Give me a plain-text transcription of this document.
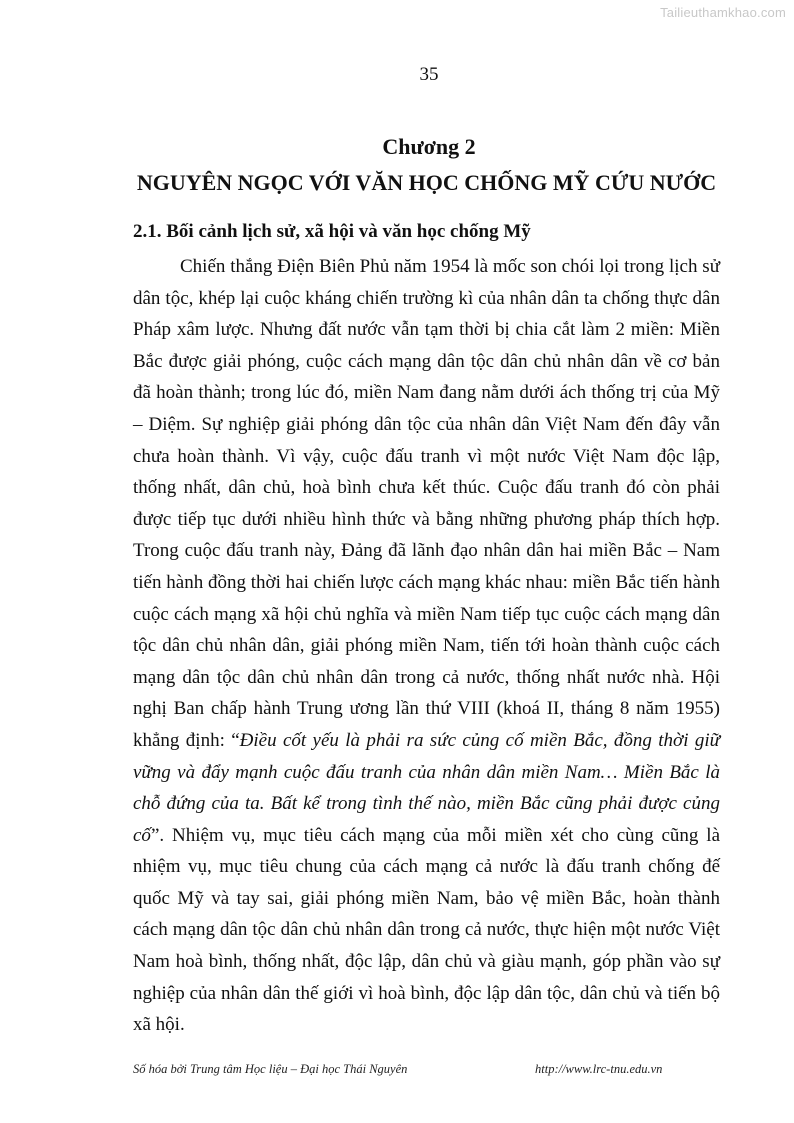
Tailieuthamkhao.com
35
Chương 2
NGUYÊN NGỌC VỚI VĂN HỌC CHỐNG MỸ CỨU NƯỚC
2.1. Bối cảnh lịch sử, xã hội và văn học chống Mỹ

Chiến thắng Điện Biên Phủ năm 1954 là mốc son chói lọi trong lịch sử dân tộc, khép lại cuộc kháng chiến trường kì của nhân dân ta chống thực dân Pháp xâm lược. Nhưng đất nước vẫn tạm thời bị chia cắt làm 2 miền: Miền Bắc được giải phóng, cuộc cách mạng dân tộc dân chủ nhân dân về cơ bản đã hoàn thành; trong lúc đó, miền Nam đang nằm dưới ách thống trị của Mỹ – Diệm. Sự nghiệp giải phóng dân tộc của nhân dân Việt Nam đến đây vẫn chưa hoàn thành. Vì vậy, cuộc đấu tranh vì một nước Việt Nam độc lập, thống nhất, dân chủ, hoà bình chưa kết thúc. Cuộc đấu tranh đó còn phải được tiếp tục dưới nhiều hình thức và bằng những phương pháp thích hợp. Trong cuộc đấu tranh này, Đảng đã lãnh đạo nhân dân hai miền Bắc – Nam tiến hành đồng thời hai chiến lược cách mạng khác nhau: miền Bắc tiến hành cuộc cách mạng xã hội chủ nghĩa và miền Nam tiếp tục cuộc cách mạng dân tộc dân chủ nhân dân, giải phóng miền Nam, tiến tới hoàn thành cuộc cách mạng dân tộc dân chủ nhân dân trong cả nước, thống nhất nước nhà. Hội nghị Ban chấp hành Trung ương lần thứ VIII (khoá II, tháng 8 năm 1955) khẳng định: “Điều cốt yếu là phải ra sức củng cố miền Bắc, đồng thời giữ vững và đẩy mạnh cuộc đấu tranh của nhân dân miền Nam… Miền Bắc là chỗ đứng của ta. Bất kể trong tình thế nào, miền Bắc cũng phải được củng cố”. Nhiệm vụ, mục tiêu cách mạng của mỗi miền xét cho cùng cũng là nhiệm vụ, mục tiêu chung của cách mạng cả nước là đấu tranh chống đế quốc Mỹ và tay sai, giải phóng miền Nam, bảo vệ miền Bắc, hoàn thành cách mạng dân tộc dân chủ nhân dân trong cả nước, thực hiện một nước Việt Nam hoà bình, thống nhất, độc lập, dân chủ và giàu mạnh, góp phần vào sự nghiệp của nhân dân thế giới vì hoà bình, độc lập dân tộc, dân chủ và tiến bộ xã hội.

Số hóa bởi Trung tâm Học liệu – Đại học Thái Nguyên	http://www.lrc-tnu.edu.vn
